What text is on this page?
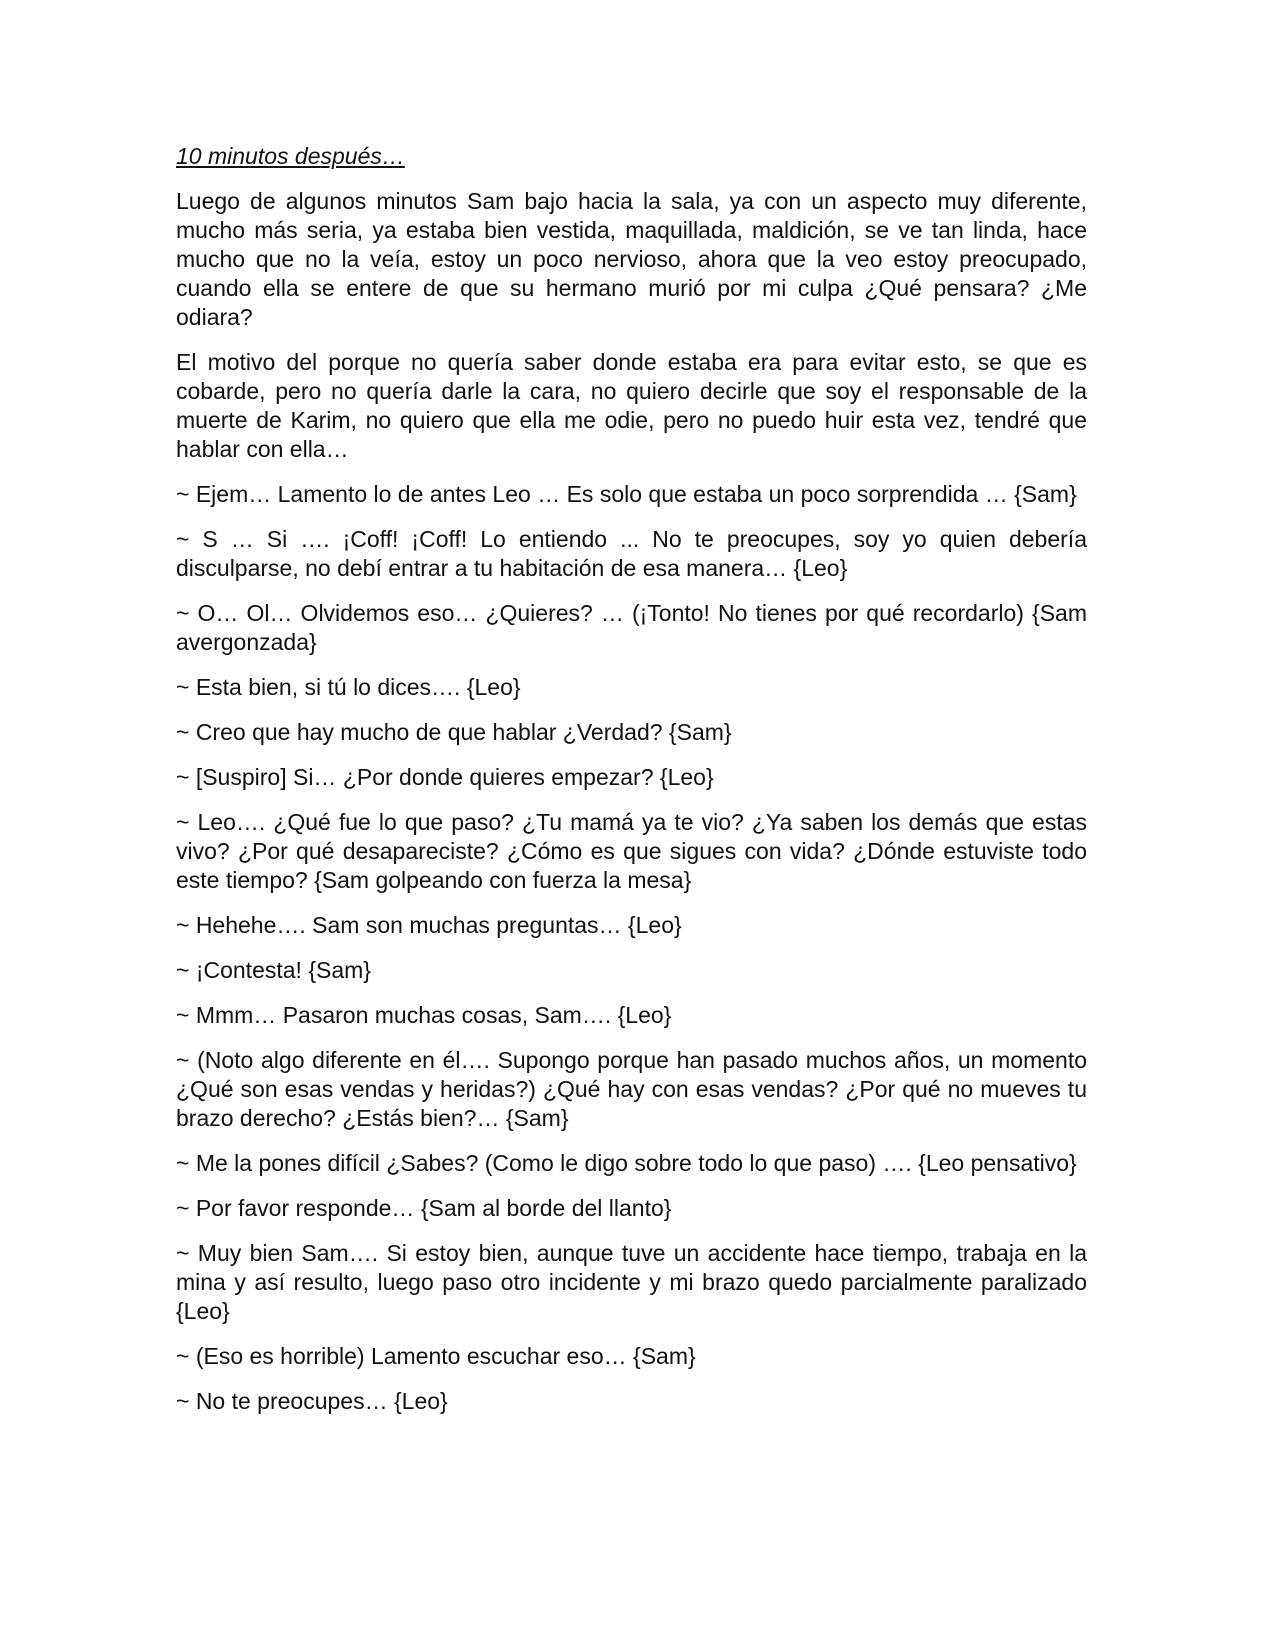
10 minutos después…

Luego de algunos minutos Sam bajo hacia la sala, ya con un aspecto muy diferente, mucho más seria, ya estaba bien vestida, maquillada, maldición, se ve tan linda, hace mucho que no la veía, estoy un poco nervioso, ahora que la veo estoy preocupado, cuando ella se entere de que su hermano murió por mi culpa ¿Qué pensara? ¿Me odiara?

El motivo del porque no quería saber donde estaba era para evitar esto, se que es cobarde, pero no quería darle la cara, no quiero decirle que soy el responsable de la muerte de Karim, no quiero que ella me odie, pero no puedo huir esta vez, tendré que hablar con ella…

~ Ejem… Lamento lo de antes Leo … Es solo que estaba un poco sorprendida … {Sam}

~ S … Si …. ¡Coff! ¡Coff! Lo entiendo ... No te preocupes, soy yo quien debería disculparse, no debí entrar a tu habitación de esa manera… {Leo}

~ O… Ol… Olvidemos eso… ¿Quieres? … (¡Tonto! No tienes por qué recordarlo) {Sam avergonzada}

~ Esta bien, si tú lo dices…. {Leo}

~ Creo que hay mucho de que hablar ¿Verdad? {Sam}

~ [Suspiro] Si… ¿Por donde quieres empezar? {Leo}

~ Leo…. ¿Qué fue lo que paso? ¿Tu mamá ya te vio? ¿Ya saben los demás que estas vivo? ¿Por qué desapareciste? ¿Cómo es que sigues con vida? ¿Dónde estuviste todo este tiempo? {Sam golpeando con fuerza la mesa}

~ Hehehe…. Sam son muchas preguntas… {Leo}

~ ¡Contesta! {Sam}

~ Mmm… Pasaron muchas cosas, Sam…. {Leo}

~ (Noto algo diferente en él…. Supongo porque han pasado muchos años, un momento ¿Qué son esas vendas y heridas?) ¿Qué hay con esas vendas? ¿Por qué no mueves tu brazo derecho? ¿Estás bien?… {Sam}

~ Me la pones difícil ¿Sabes? (Como le digo sobre todo lo que paso) …. {Leo pensativo}

~ Por favor responde… {Sam al borde del llanto}

~ Muy bien Sam…. Si estoy bien, aunque tuve un accidente hace tiempo, trabaja en la mina y así resulto, luego paso otro incidente y mi brazo quedo parcialmente paralizado {Leo}

~ (Eso es horrible) Lamento escuchar eso… {Sam}

~ No te preocupes… {Leo}
